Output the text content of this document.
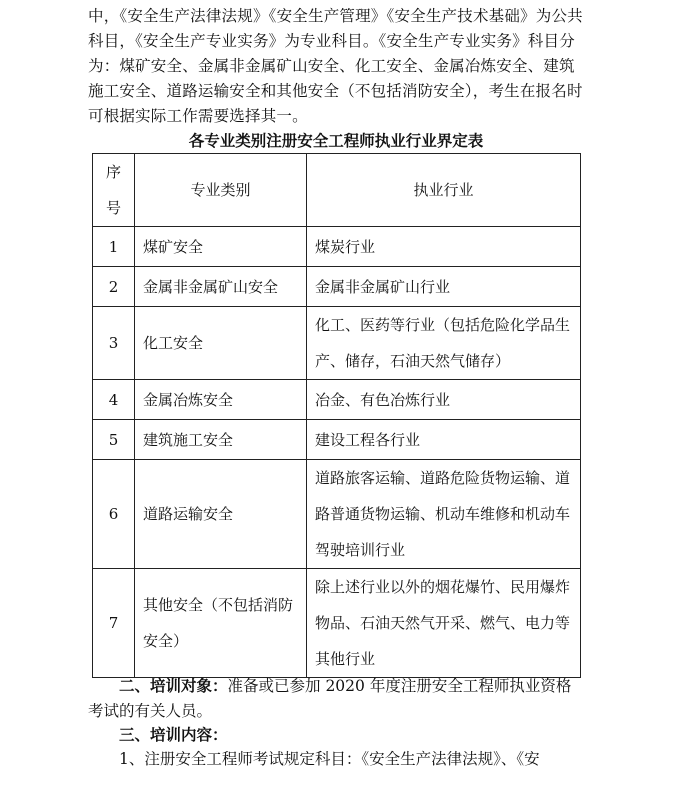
中，《安全生产法律法规》《安全生产管理》《安全生产技术基础》为公共科目，《安全生产专业实务》为专业科目。《安全生产专业实务》科目分为：煤矿安全、金属非金属矿山安全、化工安全、金属冶炼安全、建筑施工安全、道路运输安全和其他安全（不包括消防安全），考生在报名时可根据实际工作需要选择其一。

各专业类别注册安全工程师执业行业界定表
序号	专业类别	执业行业
1	煤矿安全	煤炭行业
2	金属非金属矿山安全	金属非金属矿山行业
3	化工安全	化工、医药等行业（包括危险化学品生产、储存，石油天然气储存）
4	金属冶炼安全	冶金、有色冶炼行业
5	建筑施工安全	建设工程各行业
6	道路运输安全	道路旅客运输、道路危险货物运输、道路普通货物运输、机动车维修和机动车驾驶培训行业
7	其他安全（不包括消防安全）	除上述行业以外的烟花爆竹、民用爆炸物品、石油天然气开采、燃气、电力等其他行业

二、培训对象：准备或已参加 2020 年度注册安全工程师执业资格考试的有关人员。

三、培训内容：

1、注册安全工程师考试规定科目：《安全生产法律法规》、《安
